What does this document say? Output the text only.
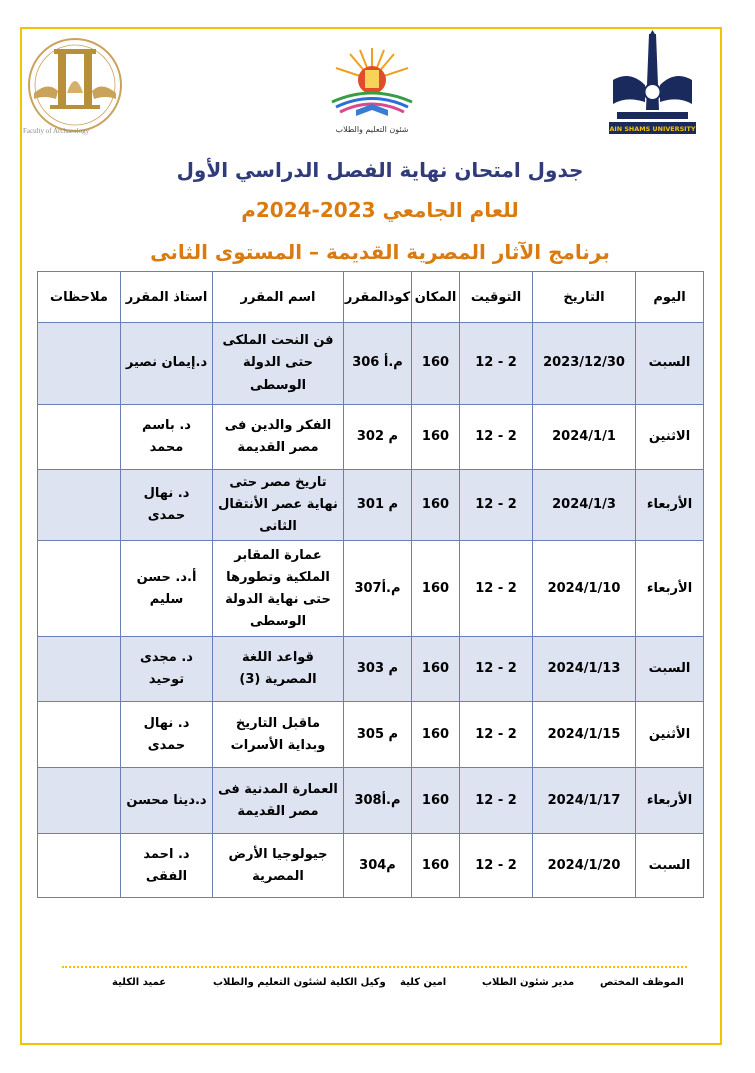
Faculty of Archaeology	شئون التعليم والطلاب	AIN SHAMS UNIVERSITY
جدول امتحان نهاية الفصل الدراسي الأول
للعام الجامعي 2023-2024م
برنامج الآثار المصرية القديمة – المستوى الثانى
اليوم	التاريخ	التوقيت	المكان	كودالمقرر	اسم المقرر	استاذ المقرر	ملاحظات
السبت	2023/12/30	2 - 12	160	م.أ 306	فن النحت الملكى حتى الدولة الوسطى	د.إيمان نصير	
الاثنين	2024/1/1	2 - 12	160	م 302	الفكر والدين فى مصر القديمة	د. باسم محمد	
الأربعاء	2024/1/3	2 - 12	160	م 301	تاريخ مصر حتى نهاية عصر الأنتقال الثانى	د. نهال حمدى	
الأربعاء	2024/1/10	2 - 12	160	م.أ307	عمارة المقابر الملكية وتطورها حتى نهاية الدولة الوسطى	أ.د. حسن سليم	
السبت	2024/1/13	2 - 12	160	م 303	قواعد اللغة المصرية (3)	د. مجدى توحيد	
الأثنين	2024/1/15	2 - 12	160	م 305	ماقبل التاريخ وبداية الأسرات	د. نهال حمدى	
الأربعاء	2024/1/17	2 - 12	160	م.أ308	العمارة المدنية فى مصر القديمة	د.دينا محسن	
السبت	2024/1/20	2 - 12	160	م304	جيولوجيا الأرض المصرية	د. احمد الفقى	
الموظف المختص
مدير شئون الطلاب
امين كلية
وكيل الكلية لشئون التعليم والطلاب
عميد الكلية
